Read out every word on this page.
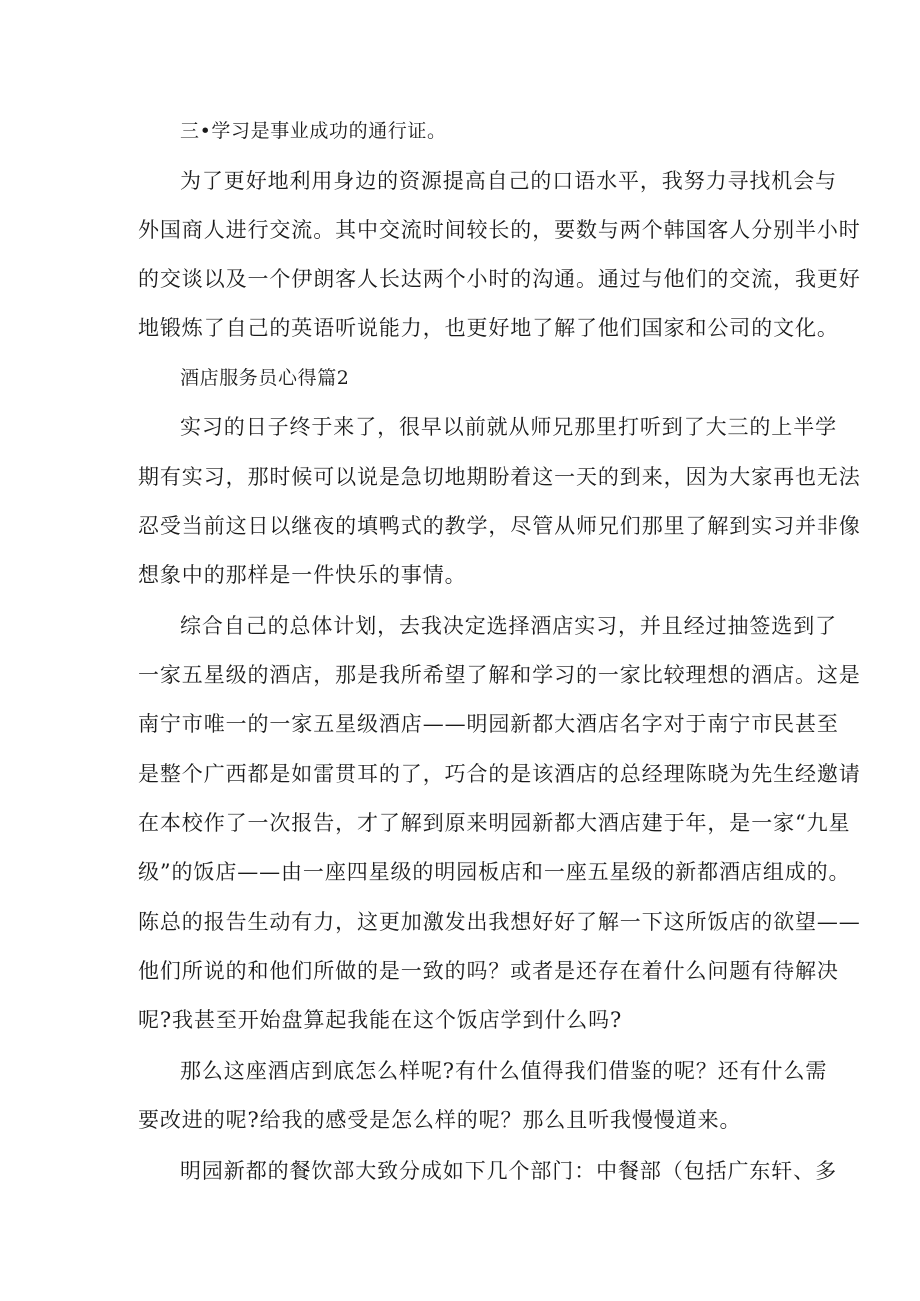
三•学习是事业成功的通行证。
为了更好地利用身边的资源提高自己的口语水平，我努力寻找机会与
外国商人进行交流。其中交流时间较长的，要数与两个韩国客人分别半小时
的交谈以及一个伊朗客人长达两个小时的沟通。通过与他们的交流，我更好
地锻炼了自己的英语听说能力，也更好地了解了他们国家和公司的文化。
酒店服务员心得篇2
实习的日子终于来了，很早以前就从师兄那里打听到了大三的上半学
期有实习，那时候可以说是急切地期盼着这一天的到来，因为大家再也无法
忍受当前这日以继夜的填鸭式的教学，尽管从师兄们那里了解到实习并非像
想象中的那样是一件快乐的事情。
综合自己的总体计划，去我决定选择酒店实习，并且经过抽签选到了
一家五星级的酒店，那是我所希望了解和学习的一家比较理想的酒店。这是
南宁市唯一的一家五星级酒店——明园新都大酒店名字对于南宁市民甚至
是整个广西都是如雷贯耳的了，巧合的是该酒店的总经理陈晓为先生经邀请
在本校作了一次报告，才了解到原来明园新都大酒店建于年，是一家“九星
级”的饭店——由一座四星级的明园板店和一座五星级的新都酒店组成的。
陈总的报告生动有力，这更加激发出我想好好了解一下这所饭店的欲望——
他们所说的和他们所做的是一致的吗？或者是还存在着什么问题有待解决
呢?我甚至开始盘算起我能在这个饭店学到什么吗?
那么这座酒店到底怎么样呢?有什么值得我们借鉴的呢？还有什么需
要改进的呢?给我的感受是怎么样的呢？那么且听我慢慢道来。
明园新都的餐饮部大致分成如下几个部门：中餐部（包括广东轩、多
